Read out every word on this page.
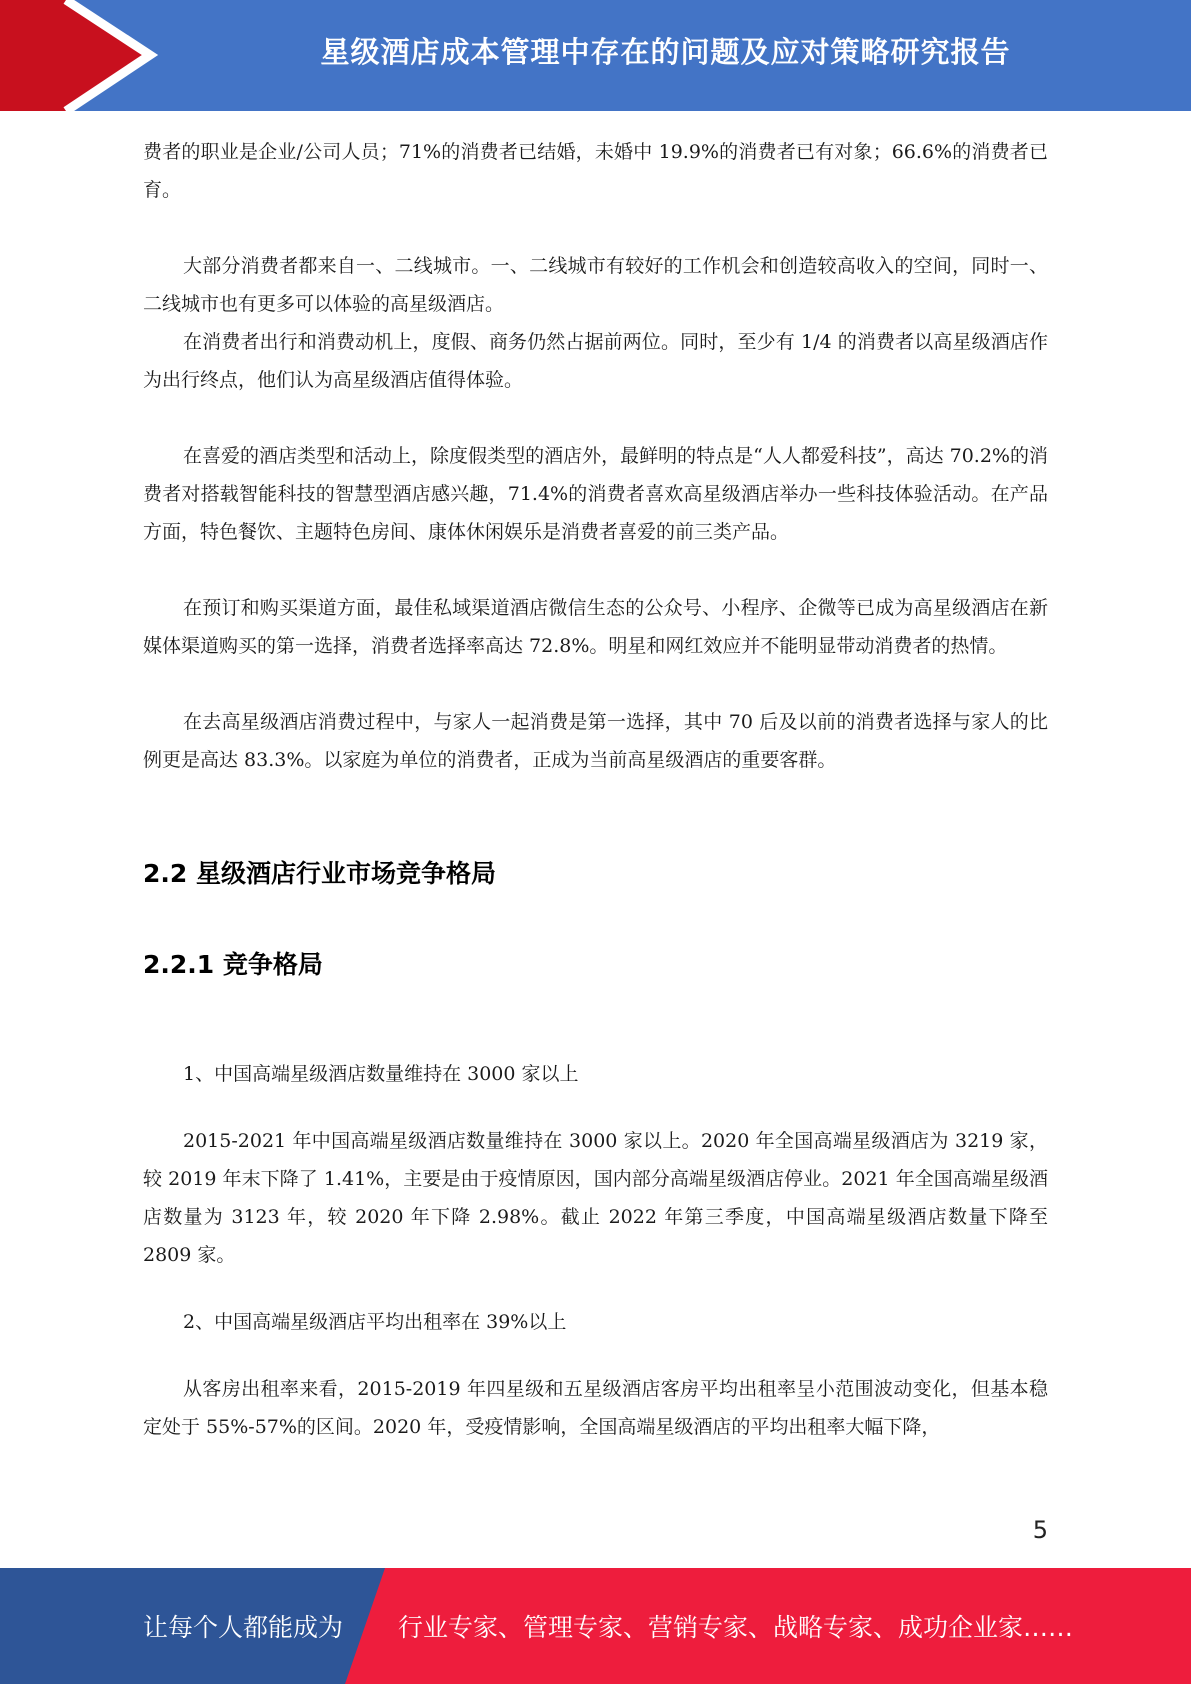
星级酒店成本管理中存在的问题及应对策略研究报告

费者的职业是企业/公司人员；71%的消费者已结婚，未婚中 19.9%的消费者已有对象；66.6%的消费者已育。

大部分消费者都来自一、二线城市。一、二线城市有较好的工作机会和创造较高收入的空间，同时一、二线城市也有更多可以体验的高星级酒店。

在消费者出行和消费动机上，度假、商务仍然占据前两位。同时，至少有 1/4 的消费者以高星级酒店作为出行终点，他们认为高星级酒店值得体验。

在喜爱的酒店类型和活动上，除度假类型的酒店外，最鲜明的特点是“人人都爱科技”，高达 70.2%的消费者对搭载智能科技的智慧型酒店感兴趣，71.4%的消费者喜欢高星级酒店举办一些科技体验活动。在产品方面，特色餐饮、主题特色房间、康体休闲娱乐是消费者喜爱的前三类产品。

在预订和购买渠道方面，最佳私域渠道酒店微信生态的公众号、小程序、企微等已成为高星级酒店在新媒体渠道购买的第一选择，消费者选择率高达 72.8%。明星和网红效应并不能明显带动消费者的热情。

在去高星级酒店消费过程中，与家人一起消费是第一选择，其中 70 后及以前的消费者选择与家人的比例更是高达 83.3%。以家庭为单位的消费者，正成为当前高星级酒店的重要客群。

2.2 星级酒店行业市场竞争格局
2.2.1 竞争格局

1、中国高端星级酒店数量维持在 3000 家以上

2015-2021 年中国高端星级酒店数量维持在 3000 家以上。2020 年全国高端星级酒店为 3219 家，较 2019 年末下降了 1.41%，主要是由于疫情原因，国内部分高端星级酒店停业。2021 年全国高端星级酒店数量为 3123 年，较 2020 年下降 2.98%。截止 2022 年第三季度，中国高端星级酒店数量下降至 2809 家。

2、中国高端星级酒店平均出租率在 39%以上

从客房出租率来看，2015-2019 年四星级和五星级酒店客房平均出租率呈小范围波动变化，但基本稳定处于 55%-57%的区间。2020 年，受疫情影响，全国高端星级酒店的平均出租率大幅下降，

5
让每个人都能成为 行业专家、管理专家、营销专家、战略专家、成功企业家……
